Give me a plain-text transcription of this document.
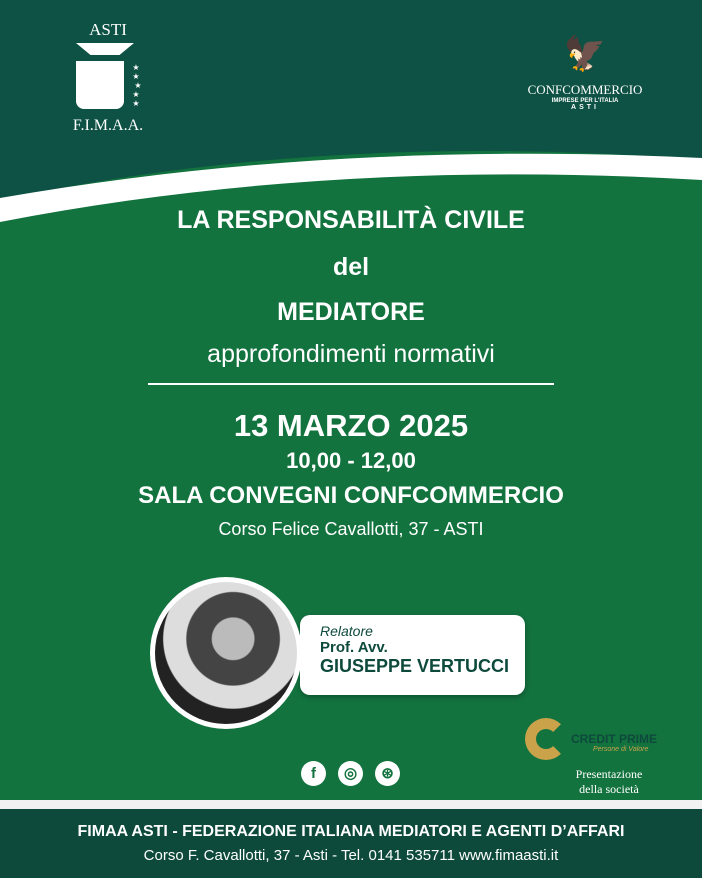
ASTI
★ ★
★
★ ★
F.I.M.A.A.
🦅
CONFCOMMERCIO
IMPRESE PER L'ITALIA
ASTI
LA RESPONSABILITÀ CIVILE
del
MEDIATORE
approfondimenti normativi
13 MARZO 2025
10,00 - 12,00
SALA CONVEGNI CONFCOMMERCIO
Corso Felice Cavallotti, 37 - ASTI
Relatore
Prof. Avv.
GIUSEPPE VERTUCCI
f	◎	⊛
CREDIT PRIME
Persone di Valore
Presentazione della società
FIMAA ASTI - FEDERAZIONE ITALIANA MEDIATORI E AGENTI D’AFFARI
Corso F. Cavallotti, 37 - Asti - Tel. 0141 535711 www.fimaasti.it
